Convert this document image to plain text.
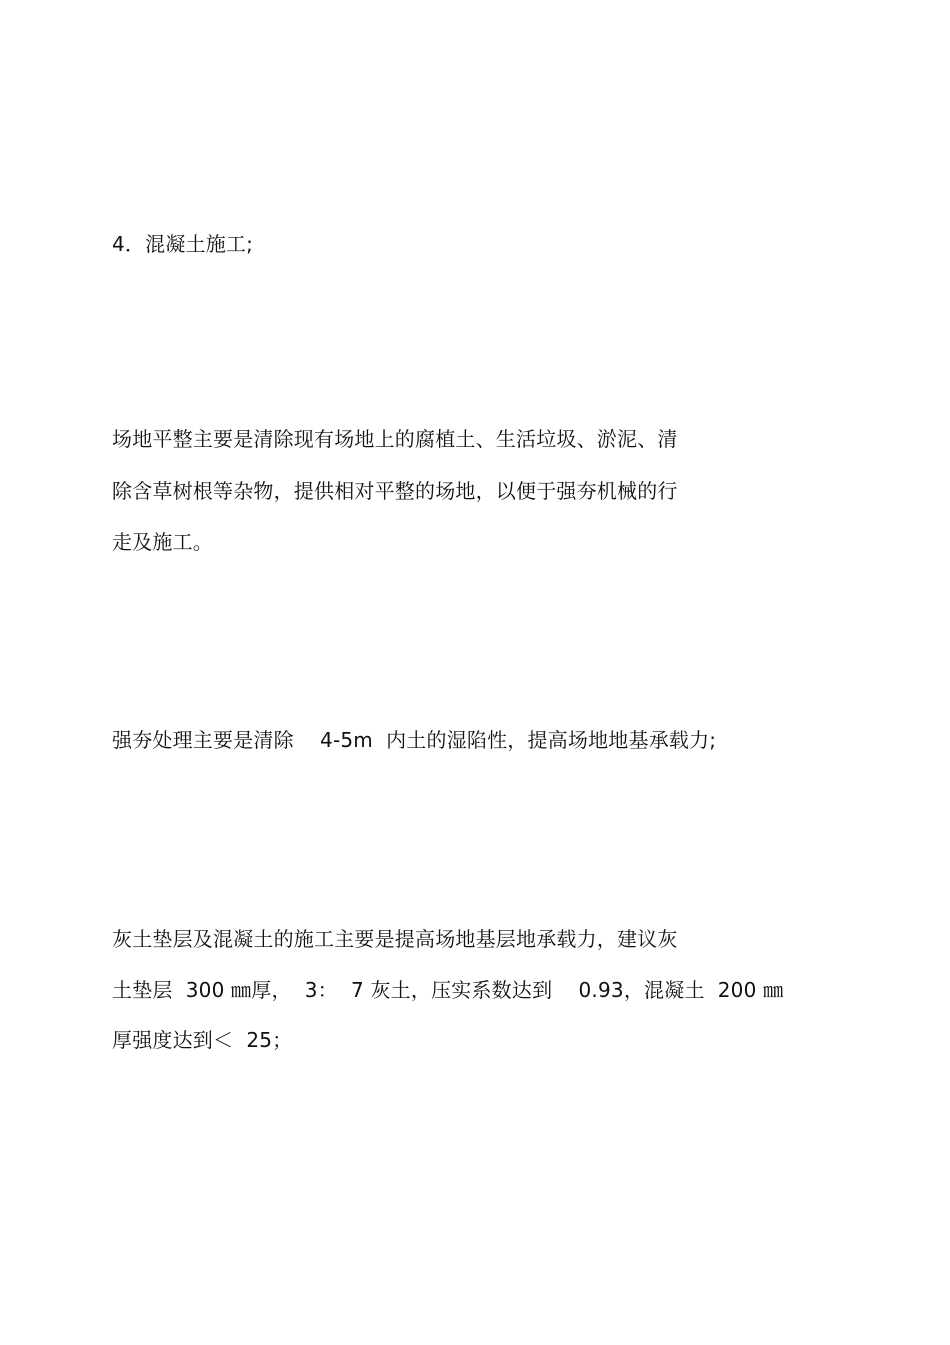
4．混凝土施工;
场地平整主要是清除现有场地上的腐植土、生活垃圾、淤泥、清
除含草树根等杂物，提供相对平整的场地，以便于强夯机械的行
走及施工。
强夯处理主要是清除    4-5m  内土的湿陷性，提高场地地基承载力;
灰土垫层及混凝土的施工主要是提高场地基层地承载力，建议灰
土垫层  300 ㎜厚，  3：  7 灰土，压实系数达到    0.93，混凝土  200 ㎜
厚强度达到＜  25；
